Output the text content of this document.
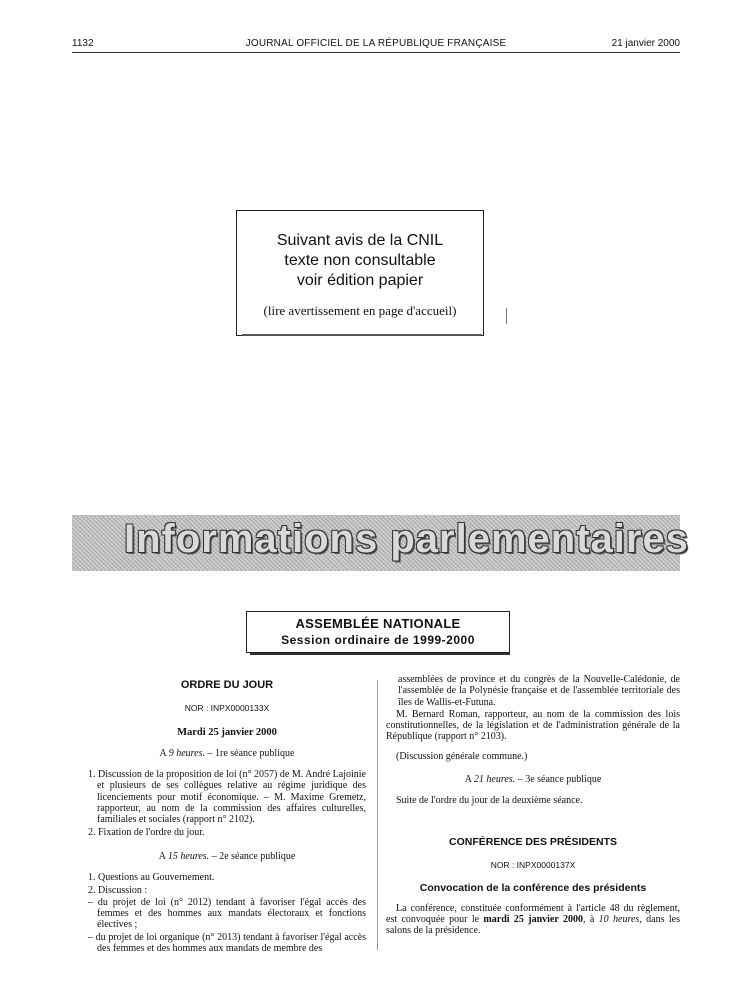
1132	JOURNAL OFFICIEL DE LA RÉPUBLIQUE FRANÇAISE	21 janvier 2000
Suivant avis de la CNIL
texte non consultable
voir édition papier
(lire avertissement en page d'accueil)
Informations parlementaires
ASSEMBLÉE NATIONALE
Session ordinaire de 1999-2000
ORDRE DU JOUR
NOR : INPX0000133X
Mardi 25 janvier 2000
A 9 heures. – 1re séance publique
1. Discussion de la proposition de loi (n° 2057) de M. André Lajoinie et plusieurs de ses collègues relative au régime juridique des licenciements pour motif économique. – M. Maxime Gremetz, rapporteur, au nom de la commission des affaires culturelles, familiales et sociales (rapport n° 2102).
2. Fixation de l'ordre du jour.
A 15 heures. – 2e séance publique
1. Questions au Gouvernement.
2. Discussion :
– du projet de loi (n° 2012) tendant à favoriser l'égal accès des femmes et des hommes aux mandats électoraux et fonctions électives ;
– du projet de loi organique (n° 2013) tendant à favoriser l'égal accès des femmes et des hommes aux mandats de membre des
assemblées de province et du congrès de la Nouvelle-Calédonie, de l'assemblée de la Polynésie française et de l'assemblée territoriale des îles de Wallis-et-Futuna.
M. Bernard Roman, rapporteur, au nom de la commission des lois constitutionnelles, de la législation et de l'administration générale de la République (rapport n° 2103).
(Discussion générale commune.)
A 21 heures. – 3e séance publique
Suite de l'ordre du jour de la deuxième séance.
CONFÉRENCE DES PRÉSIDENTS
NOR : INPX0000137X
Convocation de la conférence des présidents
La conférence, constituée conformément à l'article 48 du règlement, est convoquée pour le mardi 25 janvier 2000, à 10 heures, dans les salons de la présidence.
